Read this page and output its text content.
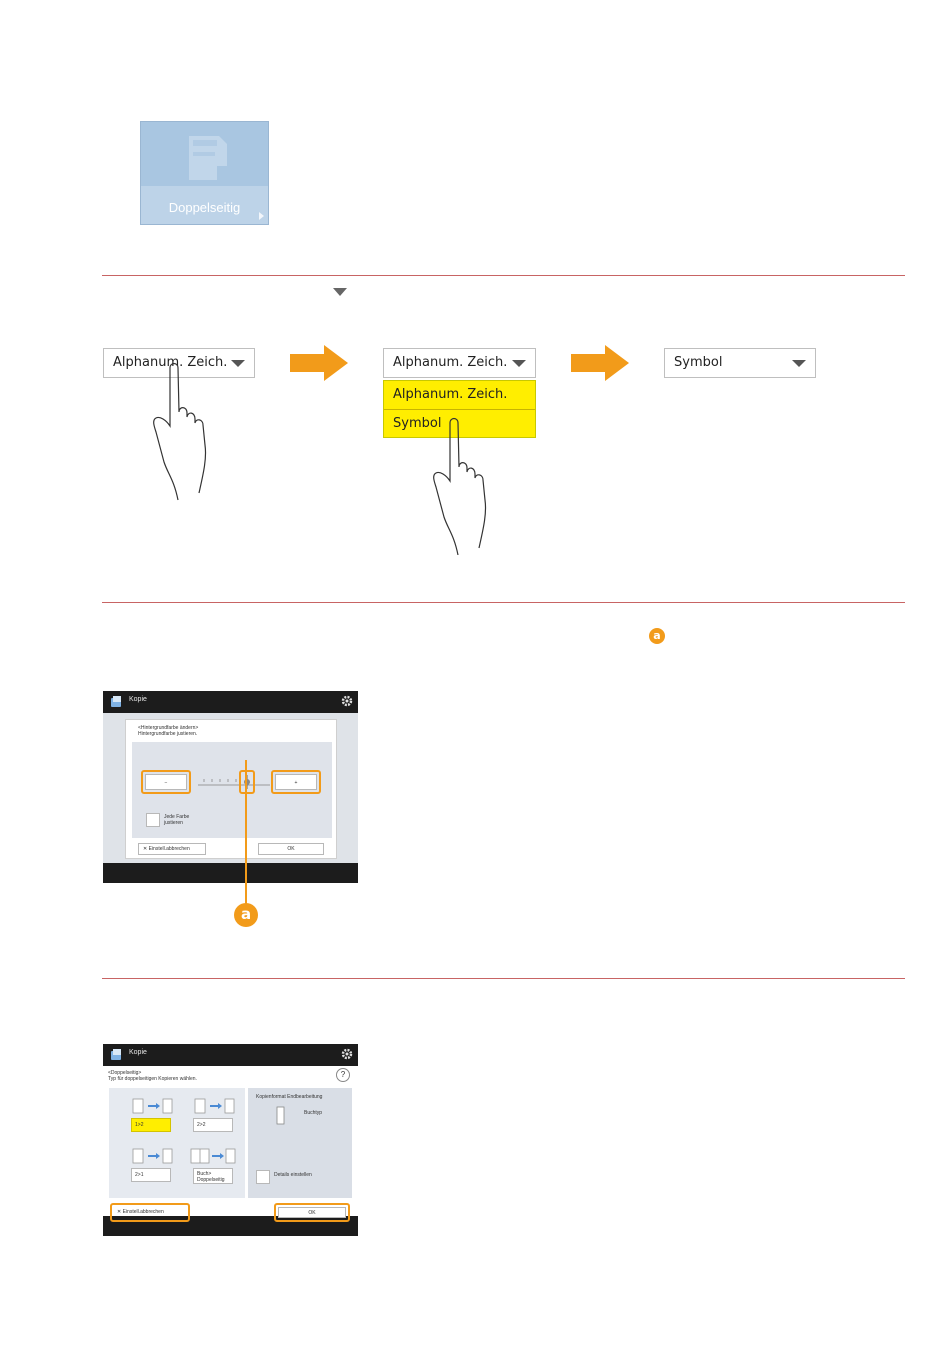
Doppelseitig
Alphanum. Zeich.	Alphanum. Zeich.
Alphanum. Zeich.
Symbol
Symbol
a
Kopie
<Hintergrundfarbe ändern>
Hintergrundfarbe justieren.
−	+
Jede Farbe justieren
✕ Einstell.abbrechen	OK
a
Kopie
<Doppelseitig>
Typ für doppelseitigen Kopieren wählen.	?
1>2	2>2
2>1	Buch> Doppelseitig
Kopienformat Endbearbeitung
Buchtyp
Details einstellen
✕ Einstell.abbrechen	OK
